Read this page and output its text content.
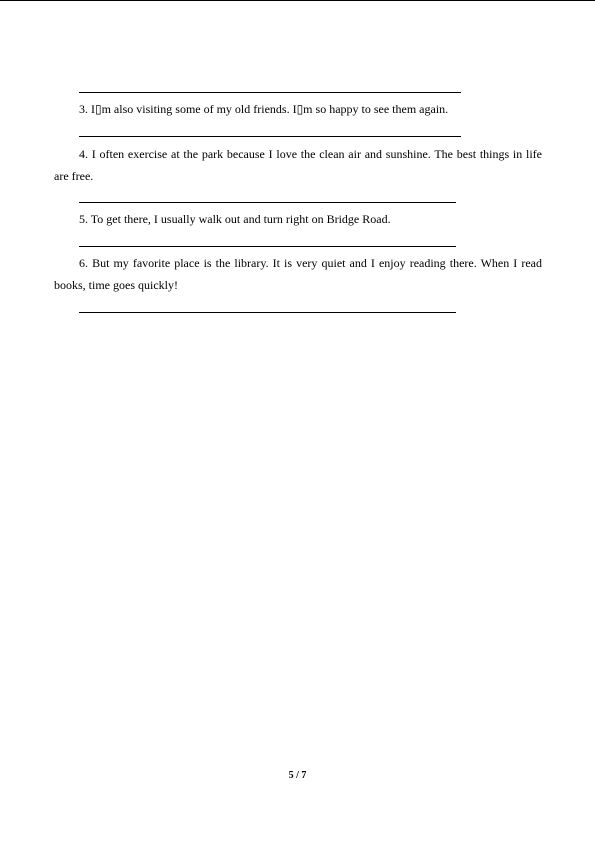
3. I▯m also visiting some of my old friends. I▯m so happy to see them again.

4. I often exercise at the park because I love the clean air and sunshine. The best things in life are free.

5. To get there, I usually walk out and turn right on Bridge Road.

6. But my favorite place is the library. It is very quiet and I enjoy reading there. When I read books, time goes quickly!

5 / 7
